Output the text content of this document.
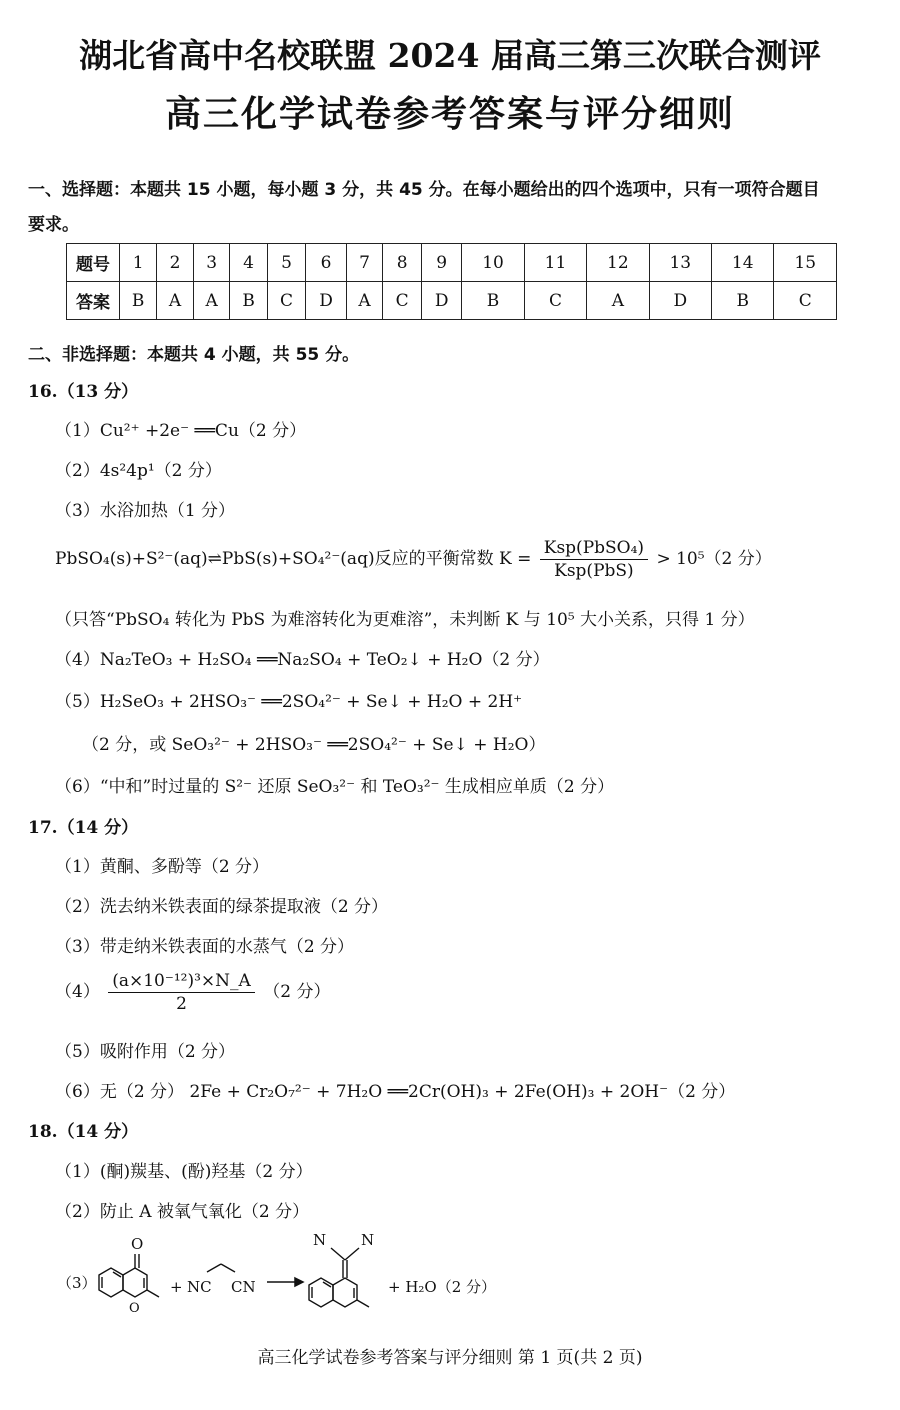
湖北省高中名校联盟 2024 届高三第三次联合测评
高三化学试卷参考答案与评分细则
一、选择题：本题共 15 小题，每小题 3 分，共 45 分。在每小题给出的四个选项中，只有一项符合题目
要求。
题号	1	2	3	4	5	6	7	8	9	10	11	12	13	14	15
答案	B	A	A	B	C	D	A	C	D	B	C	A	D	B	C
二、非选择题：本题共 4 小题，共 55 分。
16.（13 分）
（1）Cu²⁺ +2e⁻ ══Cu（2 分）
（2）4s²4p¹（2 分）
（3）水浴加热（1 分）
PbSO₄(s)+S²⁻(aq)⇌PbS(s)+SO₄²⁻(aq)反应的平衡常数 $K = \frac{\text{Ksp(PbSO₄)}}{\text{Ksp(PbS)}} > 10^5(2$ 分）
（只答“PbSO₄ 转化为 PbS 为难溶转化为更难溶”，未判断 K 与 10⁵ 大小关系，只得 1 分）
（4）Na₂TeO₃ + H₂SO₄ ══Na₂SO₄ + TeO₂↓ + H₂O（2 分）
（5）H₂SeO₃ + 2HSO₃⁻ ══2SO₄²⁻ + Se↓ + H₂O + 2H⁺
（2 分，或 SeO₃²⁻ + 2HSO₃⁻ ══2SO₄²⁻ + Se↓ + H₂O）
（6）“中和”时过量的 S²⁻ 还原 SeO₃²⁻ 和 TeO₃²⁻ 生成相应单质（2 分）
17.（14 分）
（1）黄酮、多酚等（2 分）
（2）洗去纳米铁表面的绿茶提取液（2 分）
（3）带走纳米铁表面的水蒸气（2 分）
$(4) \frac{\text{(a×10⁻¹²)³×N\_A}}{2} (2$ 分）
（5）吸附作用（2 分）
（6）无（2 分） 2Fe + Cr₂O₇²⁻ + 7H₂O ══2Cr(OH)₃ + 2Fe(OH)₃ + 2OH⁻（2 分）
18.（14 分）
（1）(酮)羰基、(酚)羟基（2 分）
（2）防止 A 被氧气氧化（2 分）
（3）
O
O
+ NC CN
N N
+ H₂O（2 分）
高三化学试卷参考答案与评分细则 第 1 页(共 2 页)
